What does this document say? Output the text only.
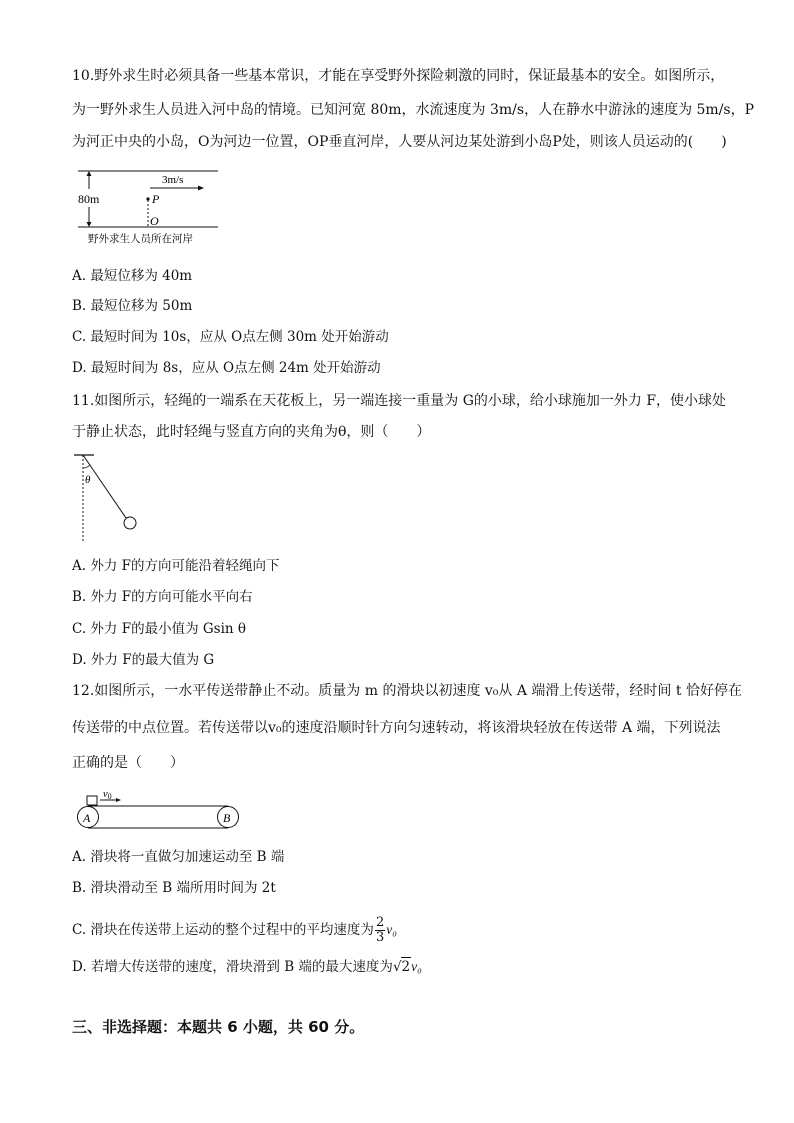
10.野外求生时必须具备一些基本常识，才能在享受野外探险刺激的同时，保证最基本的安全。如图所示，
为一野外求生人员进入河中岛的情境。已知河宽 80m，水流速度为 3m/s，人在静水中游泳的速度为 5m/s，P
为河正中央的小岛，O为河边一位置，OP垂直河岸，人要从河边某处游到小岛P处，则该人员运动的(　　)
80m
3m/s
P
O
野外求生人员所在河岸
A. 最短位移为 40m
B. 最短位移为 50m
C. 最短时间为 10s，应从 O点左侧 30m 处开始游动
D. 最短时间为 8s，应从 O点左侧 24m 处开始游动
11.如图所示，轻绳的一端系在天花板上，另一端连接一重量为 G的小球，给小球施加一外力 F，使小球处
于静止状态，此时轻绳与竖直方向的夹角为θ，则（　　）
θ
A. 外力 F的方向可能沿着轻绳向下
B. 外力 F的方向可能水平向右
C. 外力 F的最小值为 Gsin θ
D. 外力 F的最大值为 G
12.如图所示，一水平传送带静止不动。质量为 m 的滑块以初速度 v₀从 A 端滑上传送带，经时间 t 恰好停在
传送带的中点位置。若传送带以v₀的速度沿顺时针方向匀速转动，将该滑块轻放在传送带 A 端，下列说法
正确的是（　　）
v0
A	B
A. 滑块将一直做匀加速运动至 B 端
B. 滑块滑动至 B 端所用时间为 2t
C. 滑块在传送带上运动的整个过程中的平均速度为 $\frac{2}{3} v_0$
D. 若增大传送带的速度，滑块滑到 B 端的最大速度为√2v₀
三、非选择题：本题共 6 小题，共 60 分。
